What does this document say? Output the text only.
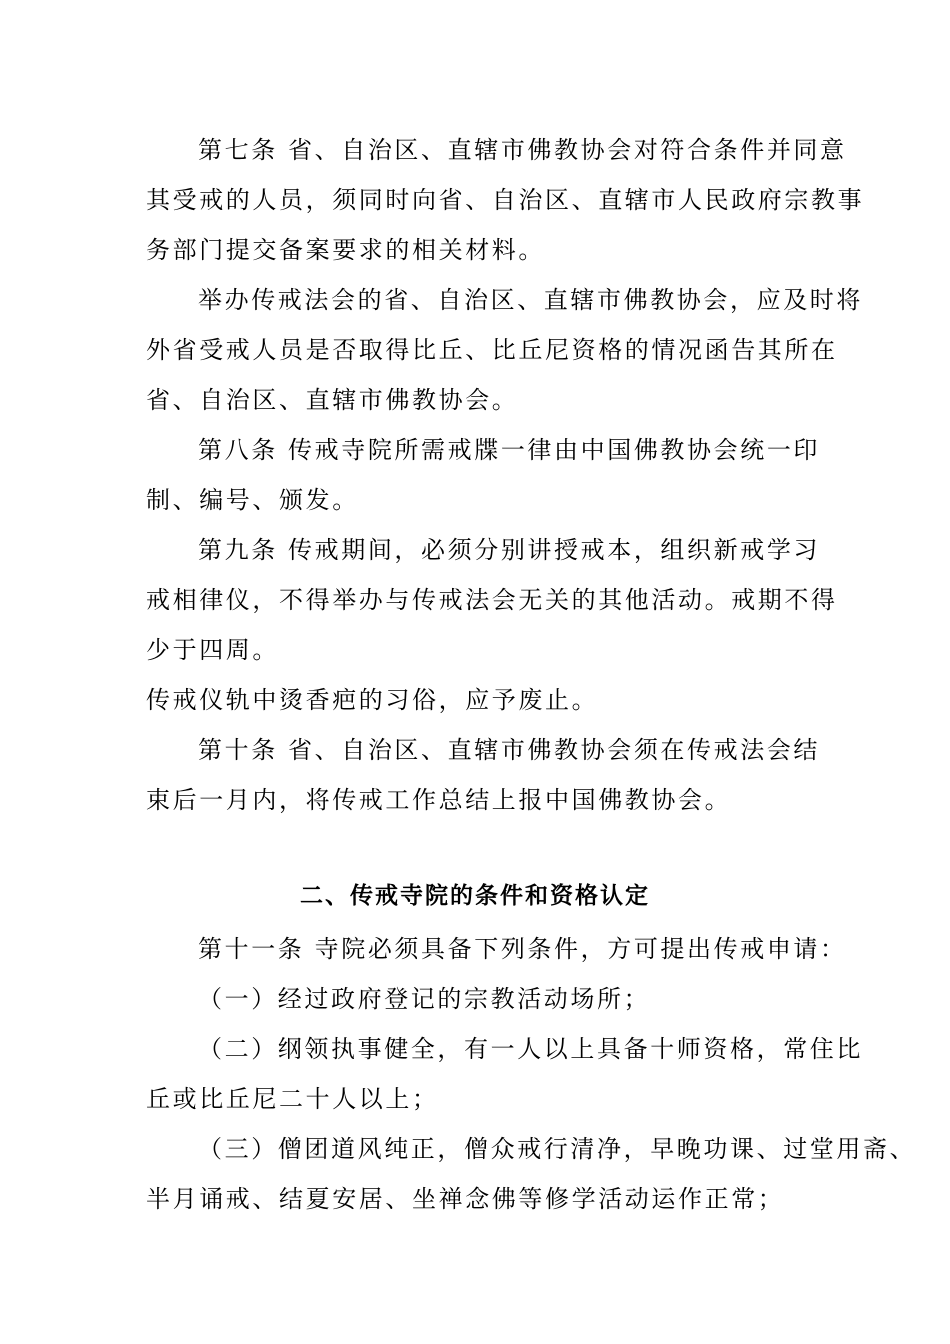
第七条 省、自治区、直辖市佛教协会对符合条件并同意
其受戒的人员，须同时向省、自治区、直辖市人民政府宗教事
务部门提交备案要求的相关材料。
举办传戒法会的省、自治区、直辖市佛教协会，应及时将
外省受戒人员是否取得比丘、比丘尼资格的情况函告其所在
省、自治区、直辖市佛教协会。
第八条 传戒寺院所需戒牒一律由中国佛教协会统一印
制、编号、颁发。
第九条 传戒期间，必须分别讲授戒本，组织新戒学习
戒相律仪，不得举办与传戒法会无关的其他活动。戒期不得
少于四周。
传戒仪轨中烫香疤的习俗，应予废止。
第十条 省、自治区、直辖市佛教协会须在传戒法会结
束后一月内，将传戒工作总结上报中国佛教协会。
二、传戒寺院的条件和资格认定
第十一条 寺院必须具备下列条件，方可提出传戒申请：
（一）经过政府登记的宗教活动场所；
（二）纲领执事健全，有一人以上具备十师资格，常住比
丘或比丘尼二十人以上；
（三）僧团道风纯正，僧众戒行清净，早晚功课、过堂用斋、
半月诵戒、结夏安居、坐禅念佛等修学活动运作正常；
